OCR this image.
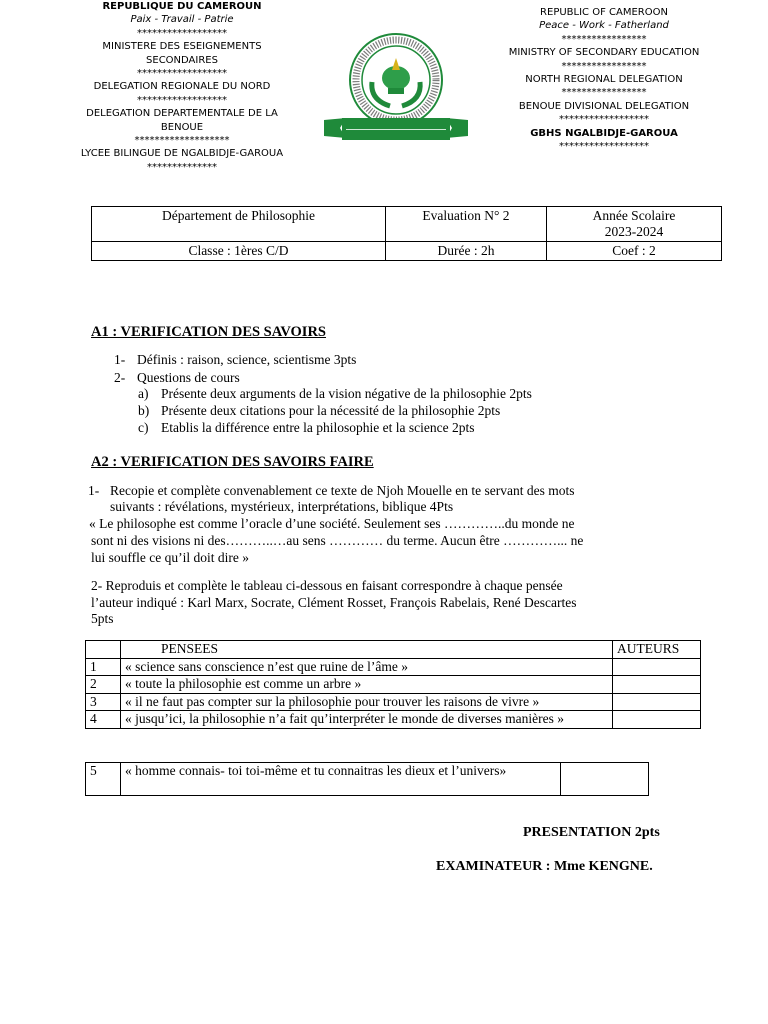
REPUBLIQUE DU CAMEROUN
Paix - Travail - Patrie
******************
MINISTERE DES ESEIGNEMENTS SECONDAIRES
******************
DELEGATION REGIONALE DU NORD
******************
DELEGATION DEPARTEMENTALE DE LA BENOUE
*******************
LYCEE BILINGUE DE NGALBIDJE-GAROUA
**************
REPUBLIC OF CAMEROON
Peace - Work - Fatherland
*****************
MINISTRY OF SECONDARY EDUCATION
*****************
NORTH REGIONAL DELEGATION
*****************
BENOUE DIVISIONAL DELEGATION
******************
GBHS NGALBIDJE-GAROUA
******************
Département de Philosophie	Evaluation N° 2	Année Scolaire
2023-2024

Classe : 1ères C/D	Durée : 2h	Coef : 2
A1 : VERIFICATION DES SAVOIRS
1- Définis : raison, science, scientisme 3pts
2- Questions de cours
a) Présente deux arguments de la vision négative de la philosophie 2pts
b) Présente deux citations pour la nécessité de la philosophie 2pts
c) Etablis la différence entre la philosophie et la science 2pts
A2 : VERIFICATION DES SAVOIRS FAIRE
1- Recopie et complète convenablement ce texte de Njoh Mouelle en te servant des mots
suivants : révélations, mystérieux, interprétations, biblique 4Pts
« Le philosophe est comme l’oracle d’une société. Seulement ses …………..du monde ne
sont ni des visions ni des………..…au sens ………… du terme. Aucun être …………... ne
lui souffle ce qu’il doit dire »
2- Reproduis et complète le tableau ci-dessous en faisant correspondre à chaque pensée
l’auteur indiqué : Karl Marx, Socrate, Clément Rosset, François Rabelais, René Descartes
5pts
	PENSEES	AUTEURS
1	« science sans conscience n’est que ruine de l’âme »	
2	« toute la philosophie est comme un arbre »	
3	« il ne faut pas compter sur la philosophie pour trouver les raisons de vivre »	
4	« jusqu’ici, la philosophie n’a fait qu’interpréter le monde de diverses manières »	
5	« homme connais- toi toi-même et tu connaitras les dieux et l’univers»	
PRESENTATION 2pts
EXAMINATEUR : Mme KENGNE.
